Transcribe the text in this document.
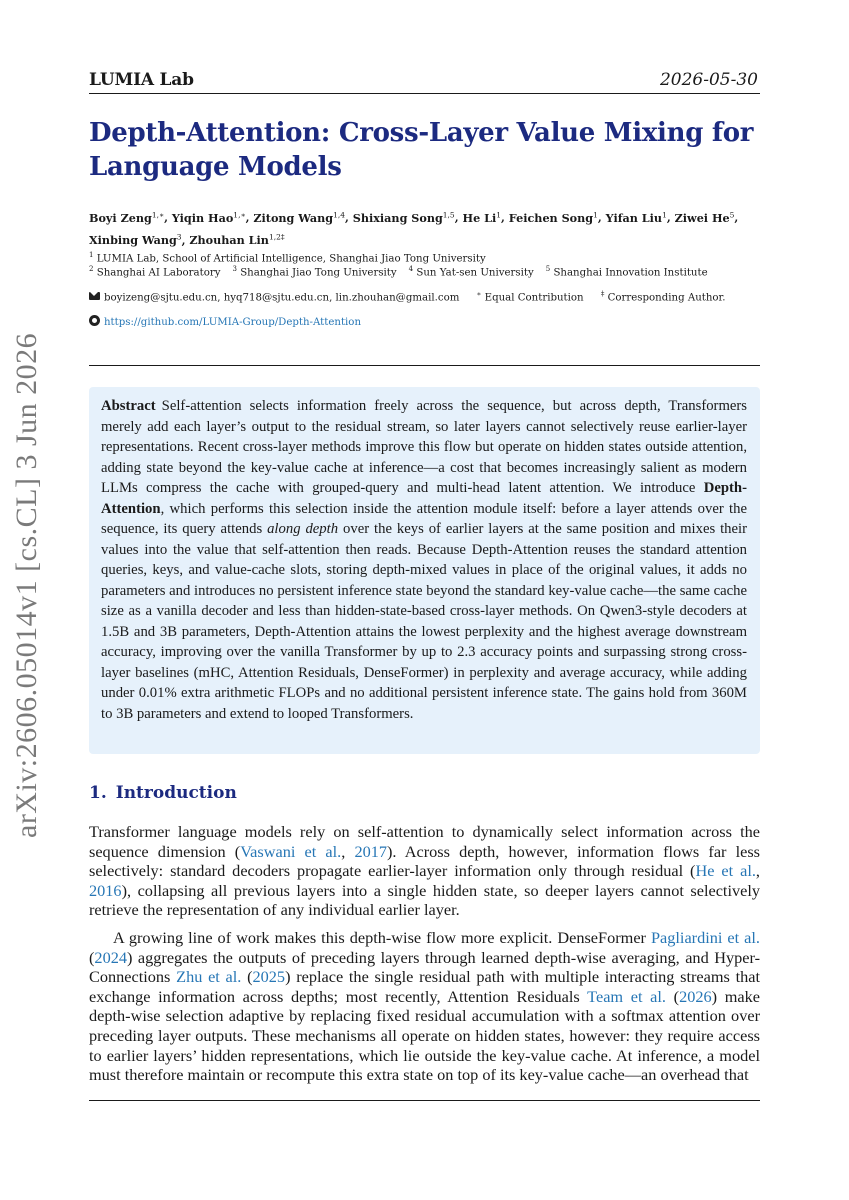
LUMIA Lab	2026-05-30
arXiv:2606.05014v1 [cs.CL] 3 Jun 2026
Depth-Attention: Cross-Layer Value Mixing for Language Models
Boyi Zeng$^{1,∗}$, Yiqin Hao$^{1,∗}$, Zitong Wang$^{1,4}$, Shixiang Song$^{1,5}$, He Li$^1$, Feichen Song$^1$, Yifan Liu$^1$, Ziwei He$^5$,
Xinbing Wang$^3$, Zhouhan Lin$^{1,2\ddagger}$
$^1$ LUMIA Lab, School of Artificial Intelligence, Shanghai Jiao Tong University
$^2$ Shanghai AI Laboratory $^3$ Shanghai Jiao Tong University $^4$ Sun Yat-sen University $^5$ Shanghai Innovation Institute
boyizeng@sjtu.edu.cn, hyq718@sjtu.edu.cn, lin.zhouhan@gmail.com ∗ Equal Contribution ‡ Corresponding Author.
https://github.com/LUMIA-Group/Depth-Attention

Abstract Self-attention selects information freely across the sequence, but across depth, Transformers merely add each layer’s output to the residual stream, so later layers cannot selectively reuse earlier-layer representations. Recent cross-layer methods improve this flow but operate on hidden states outside attention, adding state beyond the key-value cache at inference—a cost that becomes increasingly salient as modern LLMs compress the cache with grouped-query and multi-head latent attention. We introduce Depth-Attention, which performs this selection inside the attention module itself: before a layer attends over the sequence, its query attends along depth over the keys of earlier layers at the same position and mixes their values into the value that self-attention then reads. Because Depth-Attention reuses the standard attention queries, keys, and value-cache slots, storing depth-mixed values in place of the original values, it adds no parameters and introduces no persistent inference state beyond the standard key-value cache—the same cache size as a vanilla decoder and less than hidden-state-based cross-layer methods. On Qwen3-style decoders at 1.5B and 3B parameters, Depth-Attention attains the lowest perplexity and the highest average downstream accuracy, improving over the vanilla Transformer by up to 2.3 accuracy points and surpassing strong cross-layer baselines (mHC, Attention Residuals, DenseFormer) in perplexity and average accuracy, while adding under 0.01% extra arithmetic FLOPs and no additional persistent inference state. The gains hold from 360M to 3B parameters and extend to looped Transformers.

1. Introduction

Transformer language models rely on self-attention to dynamically select information across the sequence dimension (Vaswani et al., 2017). Across depth, however, information flows far less selectively: standard decoders propagate earlier-layer information only through residual (He et al., 2016), collapsing all previous layers into a single hidden state, so deeper layers cannot selectively retrieve the representation of any individual earlier layer.

A growing line of work makes this depth-wise flow more explicit. DenseFormer Pagliardini et al. (2024) aggregates the outputs of preceding layers through learned depth-wise averaging, and Hyper-Connections Zhu et al. (2025) replace the single residual path with multiple interacting streams that exchange information across depths; most recently, Attention Residuals Team et al. (2026) make depth-wise selection adaptive by replacing fixed residual accumulation with a softmax attention over preceding layer outputs. These mechanisms all operate on hidden states, however: they require access to earlier layers’ hidden representations, which lie outside the key-value cache. At inference, a model must therefore maintain or recompute this extra state on top of its key-value cache—an overhead that
